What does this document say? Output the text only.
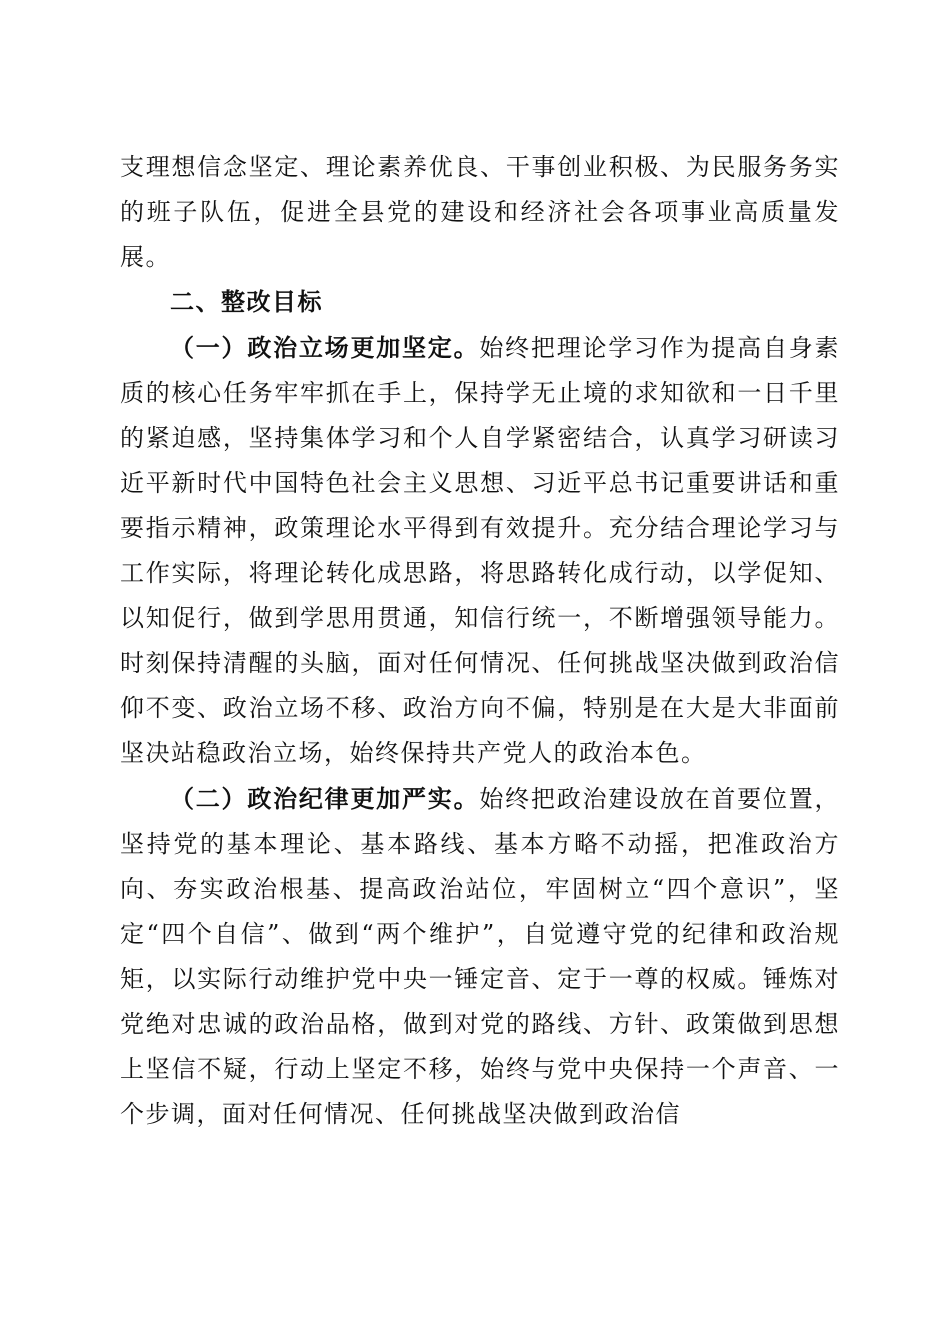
支理想信念坚定、理论素养优良、干事创业积极、为民服务务实的班子队伍，促进全县党的建设和经济社会各项事业高质量发展。

二、整改目标

（一）政治立场更加坚定。始终把理论学习作为提高自身素质的核心任务牢牢抓在手上，保持学无止境的求知欲和一日千里的紧迫感，坚持集体学习和个人自学紧密结合，认真学习研读习近平新时代中国特色社会主义思想、习近平总书记重要讲话和重要指示精神，政策理论水平得到有效提升。充分结合理论学习与工作实际，将理论转化成思路，将思路转化成行动，以学促知、以知促行，做到学思用贯通，知信行统一，不断增强领导能力。时刻保持清醒的头脑，面对任何情况、任何挑战坚决做到政治信仰不变、政治立场不移、政治方向不偏，特别是在大是大非面前坚决站稳政治立场，始终保持共产党人的政治本色。

（二）政治纪律更加严实。始终把政治建设放在首要位置，坚持党的基本理论、基本路线、基本方略不动摇，把准政治方向、夯实政治根基、提高政治站位，牢固树立“四个意识”，坚定“四个自信”、做到“两个维护”，自觉遵守党的纪律和政治规矩，以实际行动维护党中央一锤定音、定于一尊的权威。锤炼对党绝对忠诚的政治品格，做到对党的路线、方针、政策做到思想上坚信不疑，行动上坚定不移，始终与党中央保持一个声音、一个步调，面对任何情况、任何挑战坚决做到政治信
